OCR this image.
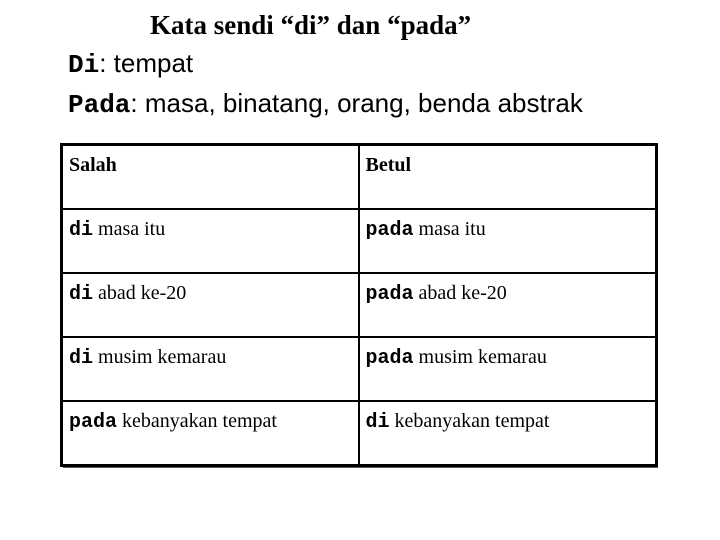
Kata sendi “di” dan “pada”
Di: tempat
Pada: masa, binatang, orang, benda abstrak
Salah	Betul
di masa itu	pada masa itu
di abad ke-20	pada abad ke-20
di musim kemarau	pada musim kemarau
pada kebanyakan tempat	di kebanyakan tempat
